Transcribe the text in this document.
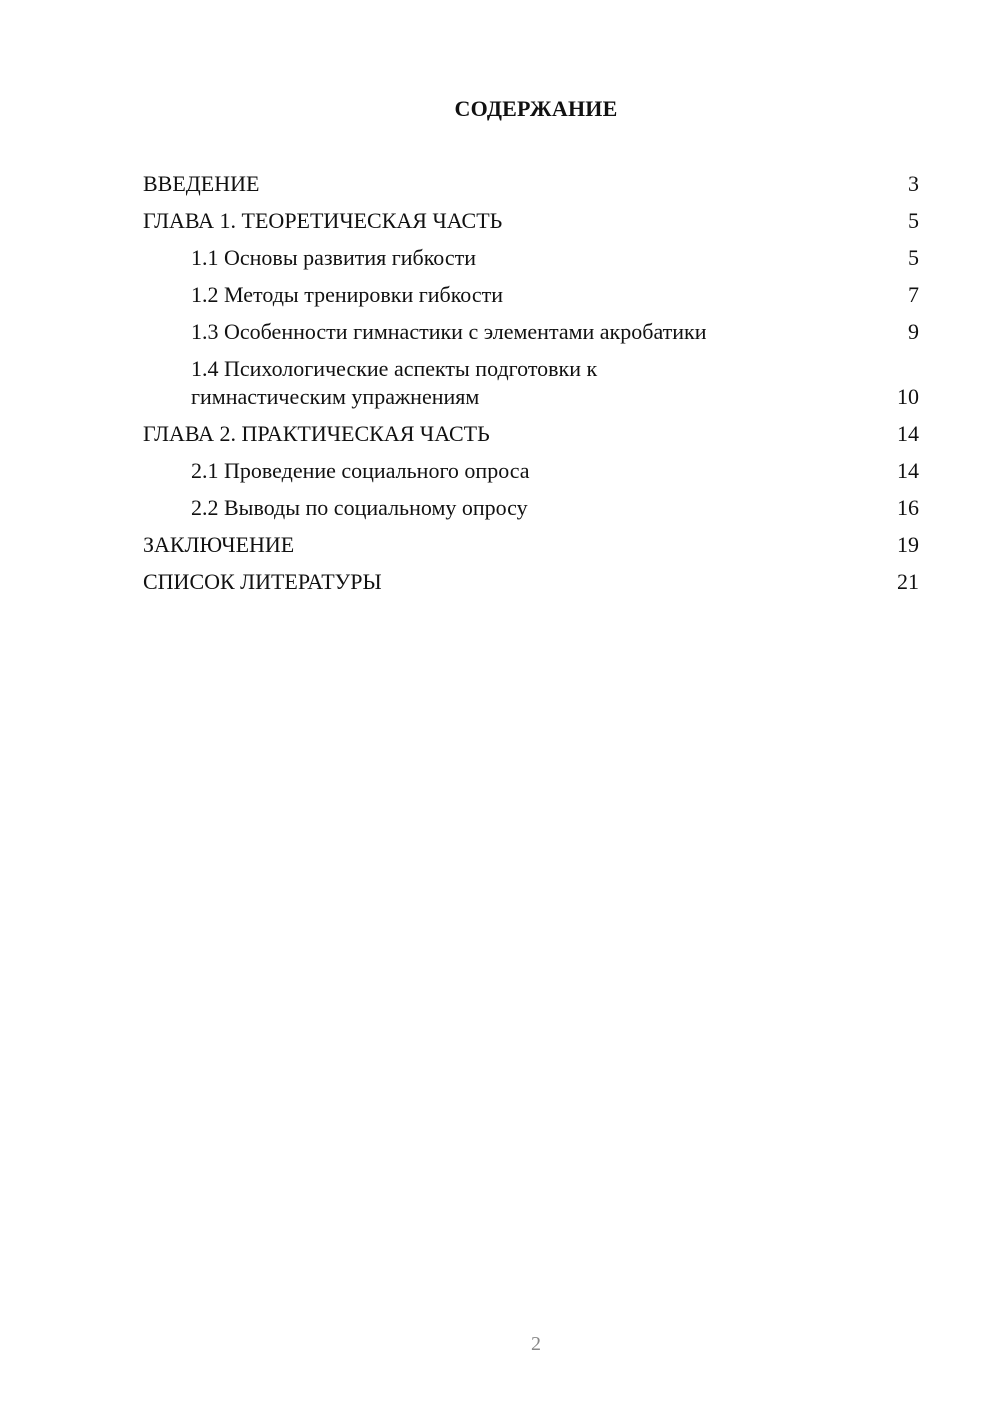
СОДЕРЖАНИЕ
ВВЕДЕНИЕ	3
ГЛАВА 1. ТЕОРЕТИЧЕСКАЯ ЧАСТЬ	5
1.1 Основы развития гибкости	5
1.2 Методы тренировки гибкости	7
1.3 Особенности гимнастики с элементами акробатики	9
1.4 Психологические аспекты подготовки к гимнастическим упражнениям	10
ГЛАВА 2. ПРАКТИЧЕСКАЯ ЧАСТЬ	14
2.1 Проведение социального опроса	14
2.2 Выводы по социальному опросу	16
ЗАКЛЮЧЕНИЕ	19
СПИСОК ЛИТЕРАТУРЫ	21
2
